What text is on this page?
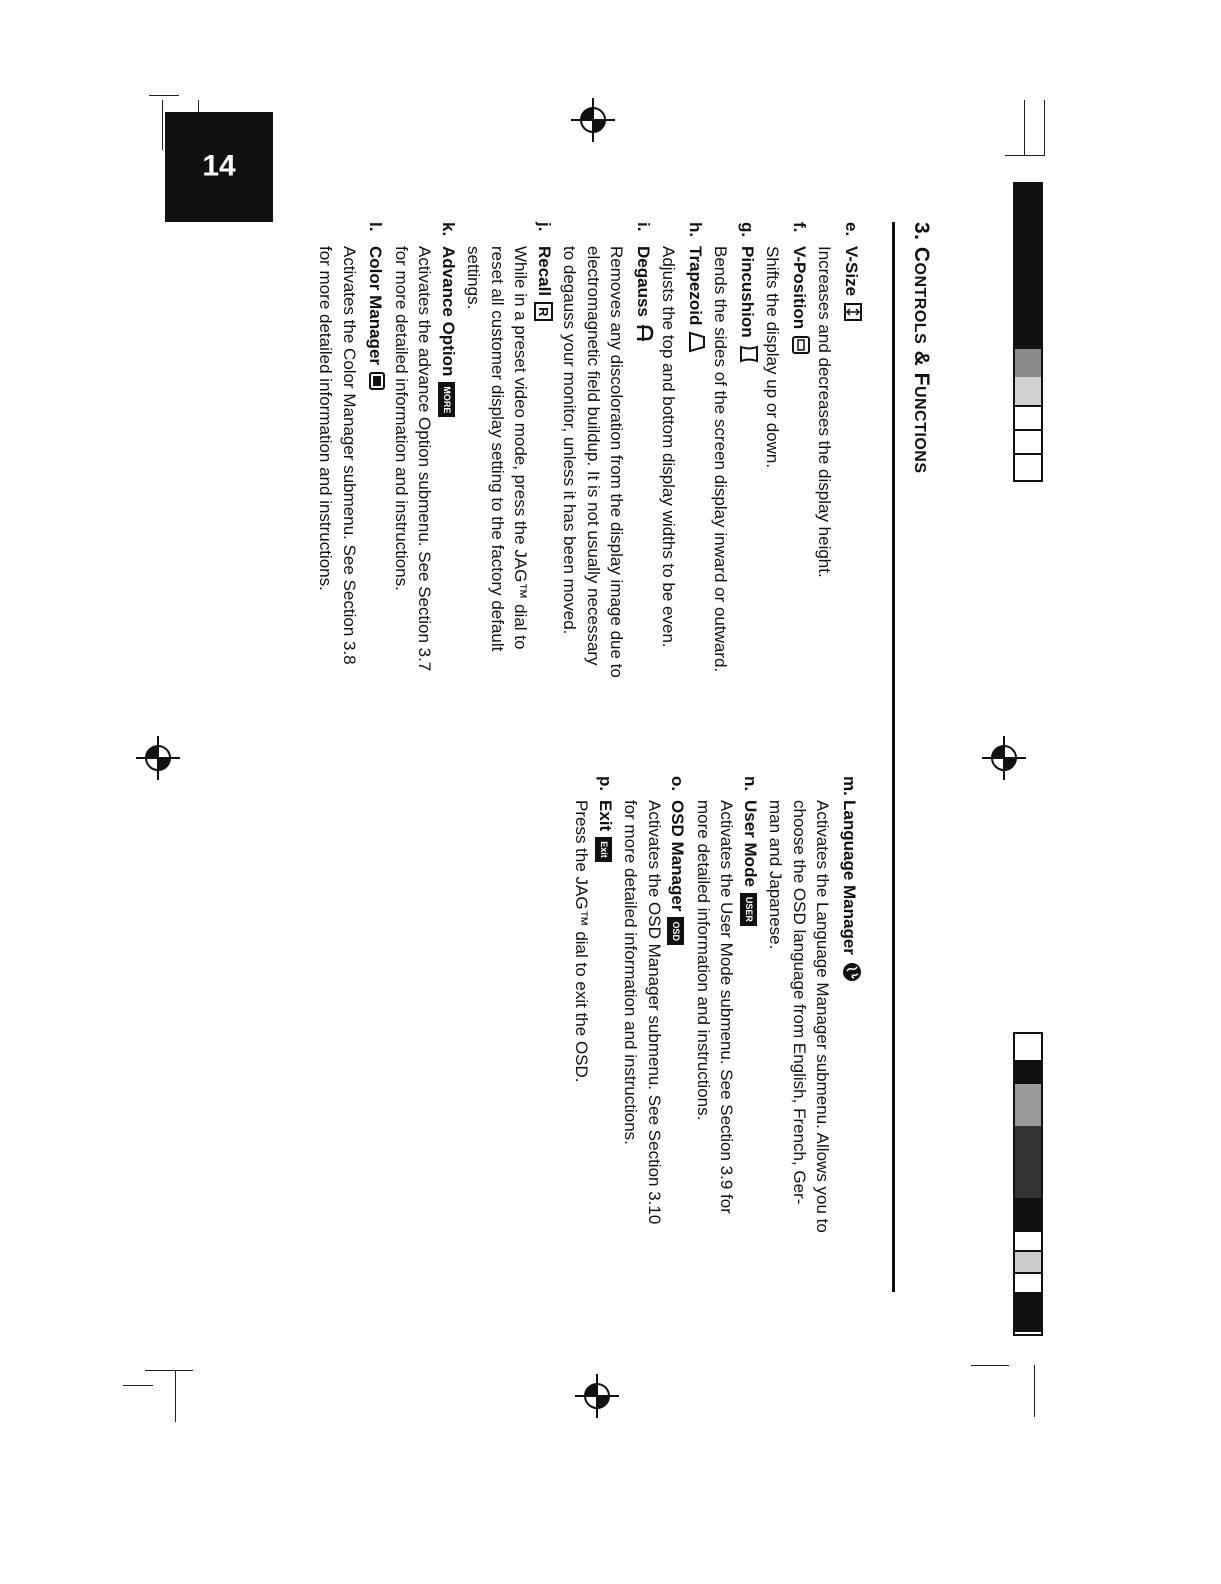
14
3. CONTROLS & FUNCTIONS
e.V-Size

Increases and decreases the display height.

f.V-Position

Shifts the display up or down.

g.Pincushion

Bends the sides of the screen display inward or outward.

h.Trapezoid

Adjusts the top and bottom display widths to be even.

i.Degauss

Removes any discoloration from the display image due to

electromagnetic field buildup. It is not usually necessary

to degauss your monitor, unless it has been moved.

j.RecallR

While in a preset video mode, press the JAG™ dial to

reset all customer display setting to the factory default

settings.

k.Advance OptionMORE

Activates the advance Option submenu. See Section 3.7

for more detailed information and instructions.

l.Color Manager

Activates the Color Manager submenu. See Section 3.8

for more detailed information and instructions.

m.Language Manager

Activates the Language Manager submenu. Allows you to

choose the OSD language from English, French, Ger-

man and Japanese.

n.User ModeUSER

Activates the User Mode submenu. See Section 3.9 for

more detailed information and instructions.

o.OSD ManagerOSD

Activates the OSD Manager submenu. See Section 3.10

for more detailed information and instructions.

p.ExitExit

Press the JAG™ dial to exit the OSD.
